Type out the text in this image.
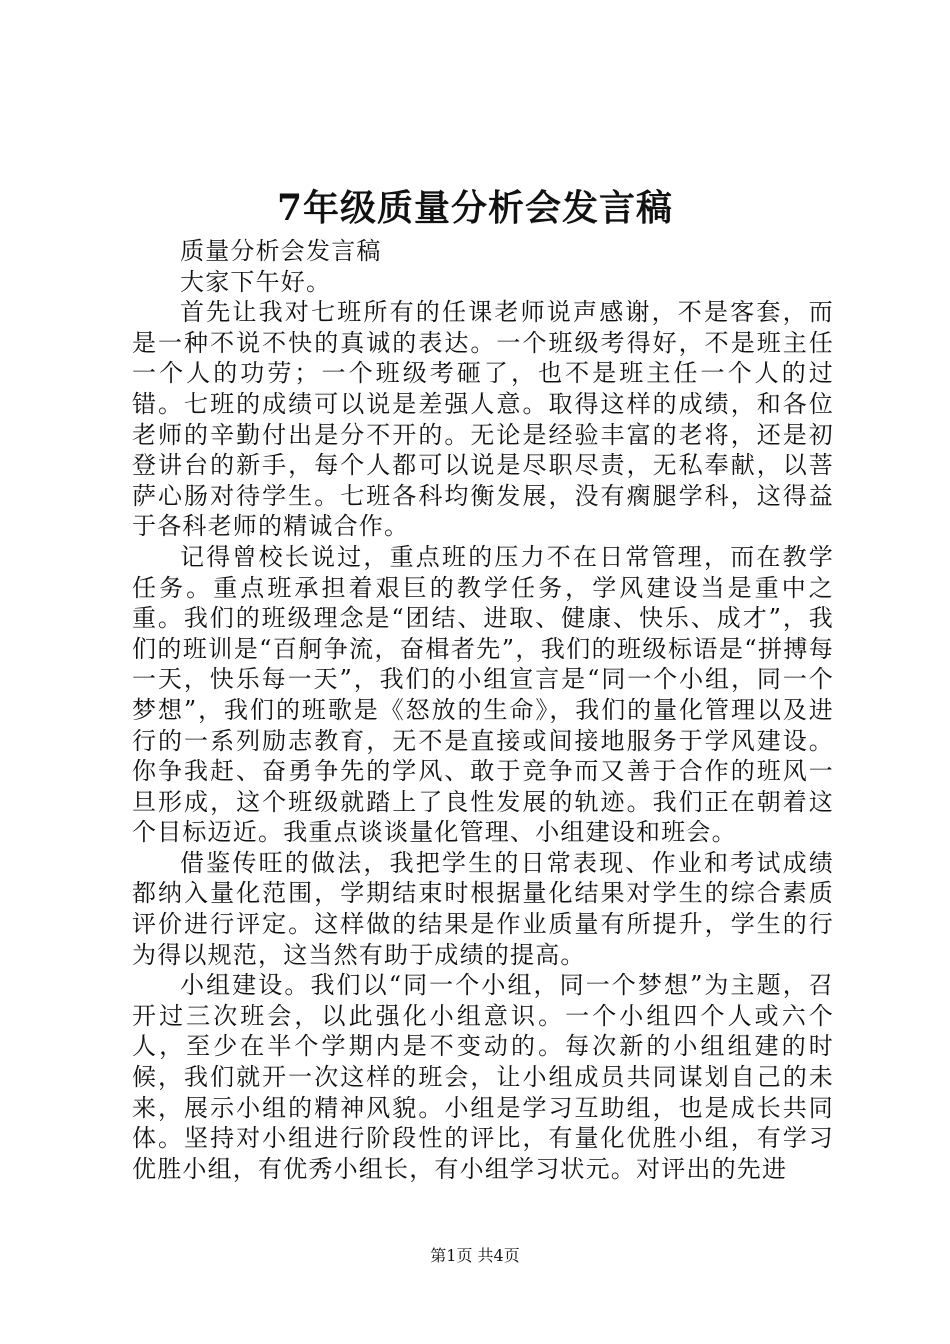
7年级质量分析会发言稿

质量分析会发言稿

大家下午好。

首先让我对七班所有的任课老师说声感谢，不是客套，而是一种不说不快的真诚的表达。一个班级考得好，不是班主任一个人的功劳；一个班级考砸了，也不是班主任一个人的过错。七班的成绩可以说是差强人意。取得这样的成绩，和各位老师的辛勤付出是分不开的。无论是经验丰富的老将，还是初登讲台的新手，每个人都可以说是尽职尽责，无私奉献，以菩萨心肠对待学生。七班各科均衡发展，没有瘸腿学科，这得益于各科老师的精诚合作。

记得曾校长说过，重点班的压力不在日常管理，而在教学任务。重点班承担着艰巨的教学任务，学风建设当是重中之重。我们的班级理念是“团结、进取、健康、快乐、成才”，我们的班训是“百舸争流，奋楫者先”，我们的班级标语是“拼搏每一天，快乐每一天”，我们的小组宣言是“同一个小组，同一个梦想”，我们的班歌是《怒放的生命》，我们的量化管理以及进行的一系列励志教育，无不是直接或间接地服务于学风建设。你争我赶、奋勇争先的学风、敢于竞争而又善于合作的班风一旦形成，这个班级就踏上了良性发展的轨迹。我们正在朝着这个目标迈近。我重点谈谈量化管理、小组建设和班会。

借鉴传旺的做法，我把学生的日常表现、作业和考试成绩都纳入量化范围，学期结束时根据量化结果对学生的综合素质评价进行评定。这样做的结果是作业质量有所提升，学生的行为得以规范，这当然有助于成绩的提高。

小组建设。我们以“同一个小组，同一个梦想”为主题，召开过三次班会，以此强化小组意识。一个小组四个人或六个人，至少在半个学期内是不变动的。每次新的小组组建的时候，我们就开一次这样的班会，让小组成员共同谋划自己的未来，展示小组的精神风貌。小组是学习互助组，也是成长共同体。坚持对小组进行阶段性的评比，有量化优胜小组，有学习优胜小组，有优秀小组长，有小组学习状元。对评出的先进

第1页 共4页
